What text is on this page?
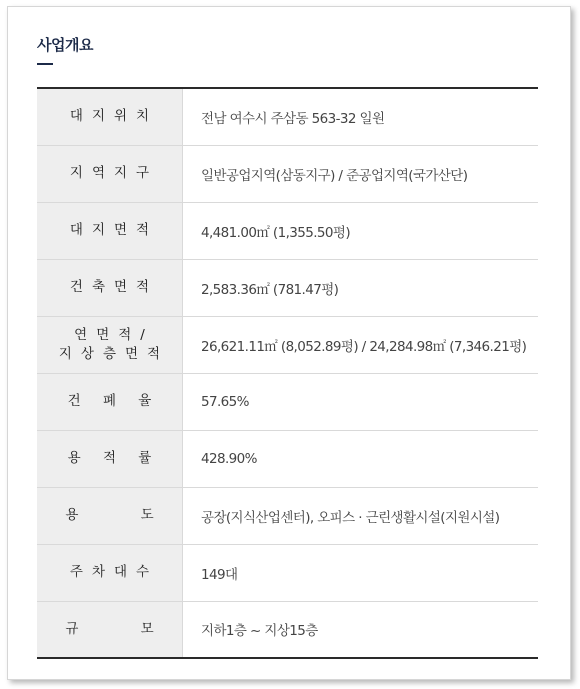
사업개요
대지위치	전남 여수시 주삼동 563-32 일원

지역지구	일반공업지역(삼동지구) / 준공업지역(국가산단)

대지면적	4,481.00㎡ (1,355.50평)

건축면적	2,583.36㎡ (781.47평)

연면적/
지상층면적	26,621.11㎡ (8,052.89평) / 24,284.98㎡ (7,346.21평)

건 폐 율	57.65%

용 적 률	428.90%

용    도	공장(지식산업센터), 오피스 · 근린생활시설(지원시설)

주차대수	149대

규    모	지하1층 ~ 지상15층
